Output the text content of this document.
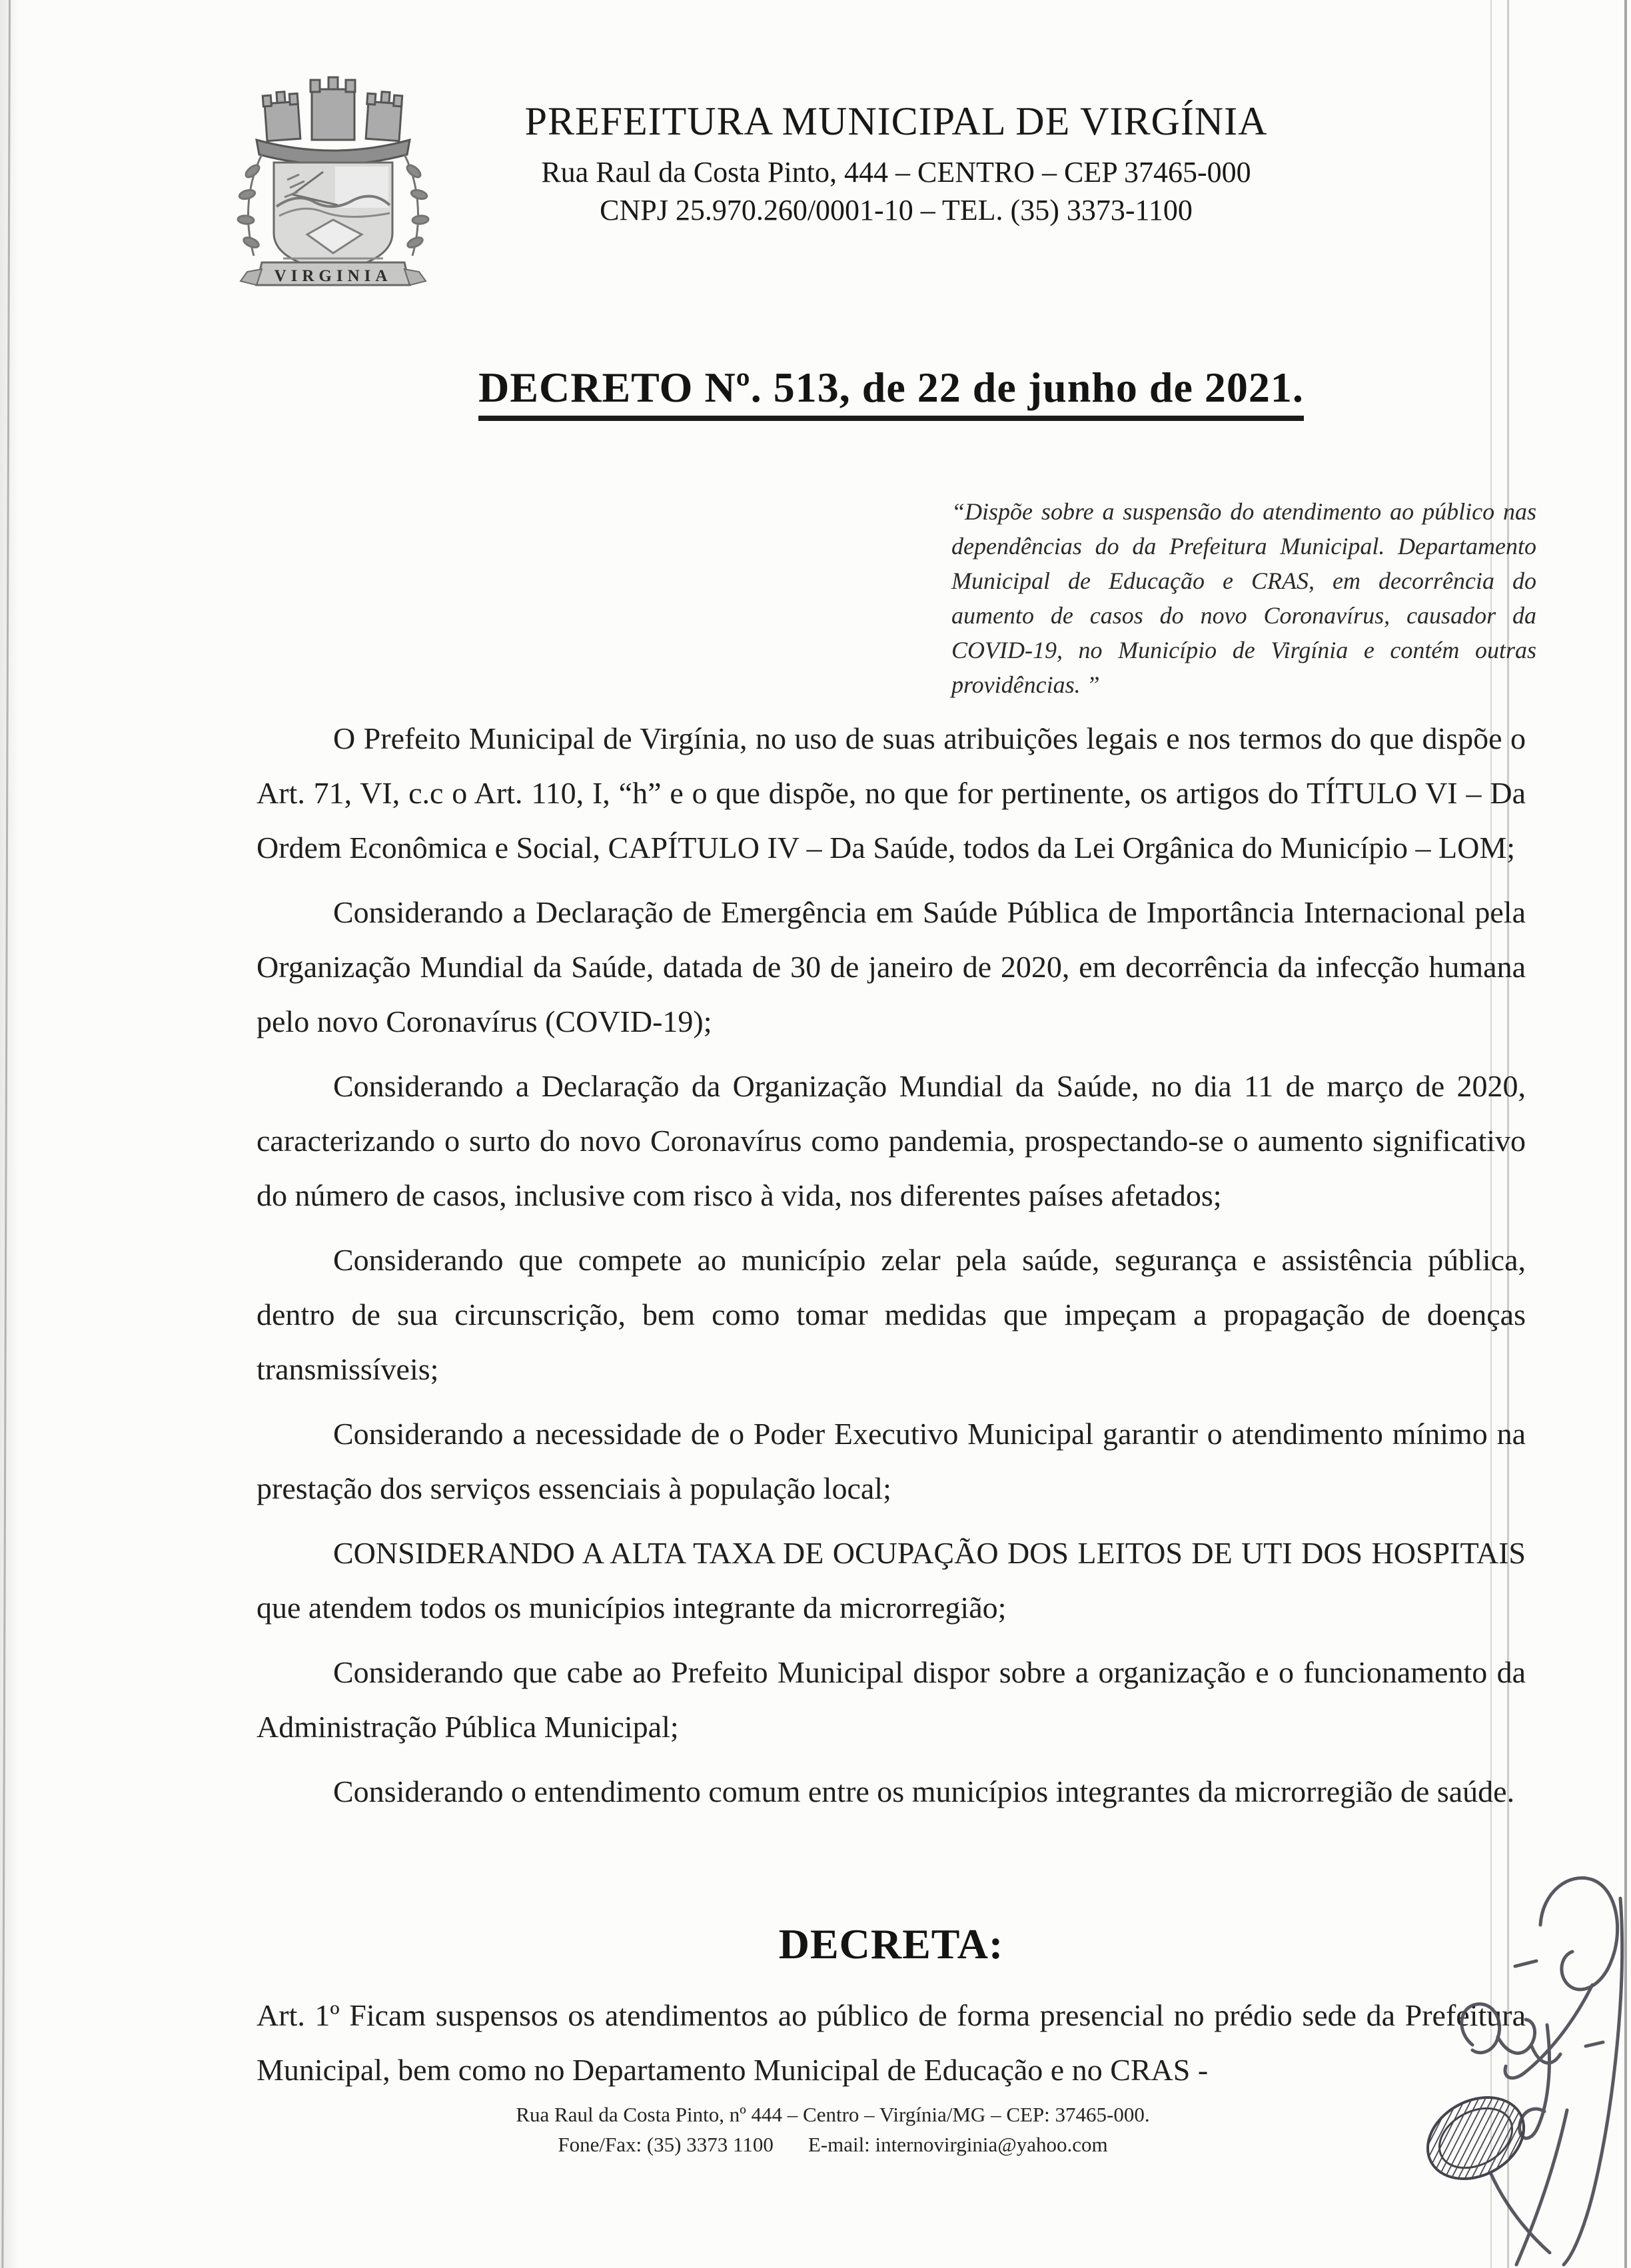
VIRGINIA
PREFEITURA MUNICIPAL DE VIRGÍNIA
Rua Raul da Costa Pinto, 444 – CENTRO – CEP 37465-000
CNPJ 25.970.260/0001-10 – TEL. (35) 3373-1100
DECRETO Nº. 513, de 22 de junho de 2021.
“Dispõe sobre a suspensão do atendimento ao público nas dependências do da Prefeitura Municipal. Departamento Municipal de Educação e CRAS, em decorrência do aumento de casos do novo Coronavírus, causador da COVID-19, no Município de Virgínia e contém outras providências. ”

O Prefeito Municipal de Virgínia, no uso de suas atribuições legais e nos termos do que dispõe o Art. 71, VI, c.c o Art. 110, I, “h” e o que dispõe, no que for pertinente, os artigos do TÍTULO VI – Da Ordem Econômica e Social, CAPÍTULO IV – Da Saúde, todos da Lei Orgânica do Município – LOM;

Considerando a Declaração de Emergência em Saúde Pública de Importância Internacional pela Organização Mundial da Saúde, datada de 30 de janeiro de 2020, em decorrência da infecção humana pelo novo Coronavírus (COVID-19);

Considerando a Declaração da Organização Mundial da Saúde, no dia 11 de março de 2020, caracterizando o surto do novo Coronavírus como pandemia, prospectando-se o aumento significativo do número de casos, inclusive com risco à vida, nos diferentes países afetados;

Considerando que compete ao município zelar pela saúde, segurança e assistência pública, dentro de sua circunscrição, bem como tomar medidas que impeçam a propagação de doenças transmissíveis;

Considerando a necessidade de o Poder Executivo Municipal garantir o atendimento mínimo na prestação dos serviços essenciais à população local;

CONSIDERANDO A ALTA TAXA DE OCUPAÇÃO DOS LEITOS DE UTI DOS HOSPITAIS que atendem todos os municípios integrante da microrregião;

Considerando que cabe ao Prefeito Municipal dispor sobre a organização e o funcionamento da Administração Pública Municipal;

Considerando o entendimento comum entre os municípios integrantes da microrregião de saúde.

DECRETA:
Art. 1º Ficam suspensos os atendimentos ao público de forma presencial no prédio sede da Prefeitura Municipal, bem como no Departamento Municipal de Educação e no CRAS -
Rua Raul da Costa Pinto, nº 444 – Centro – Virgínia/MG – CEP: 37465-000.
Fone/Fax: (35) 3373 1100 E-mail: internovirginia@yahoo.com
